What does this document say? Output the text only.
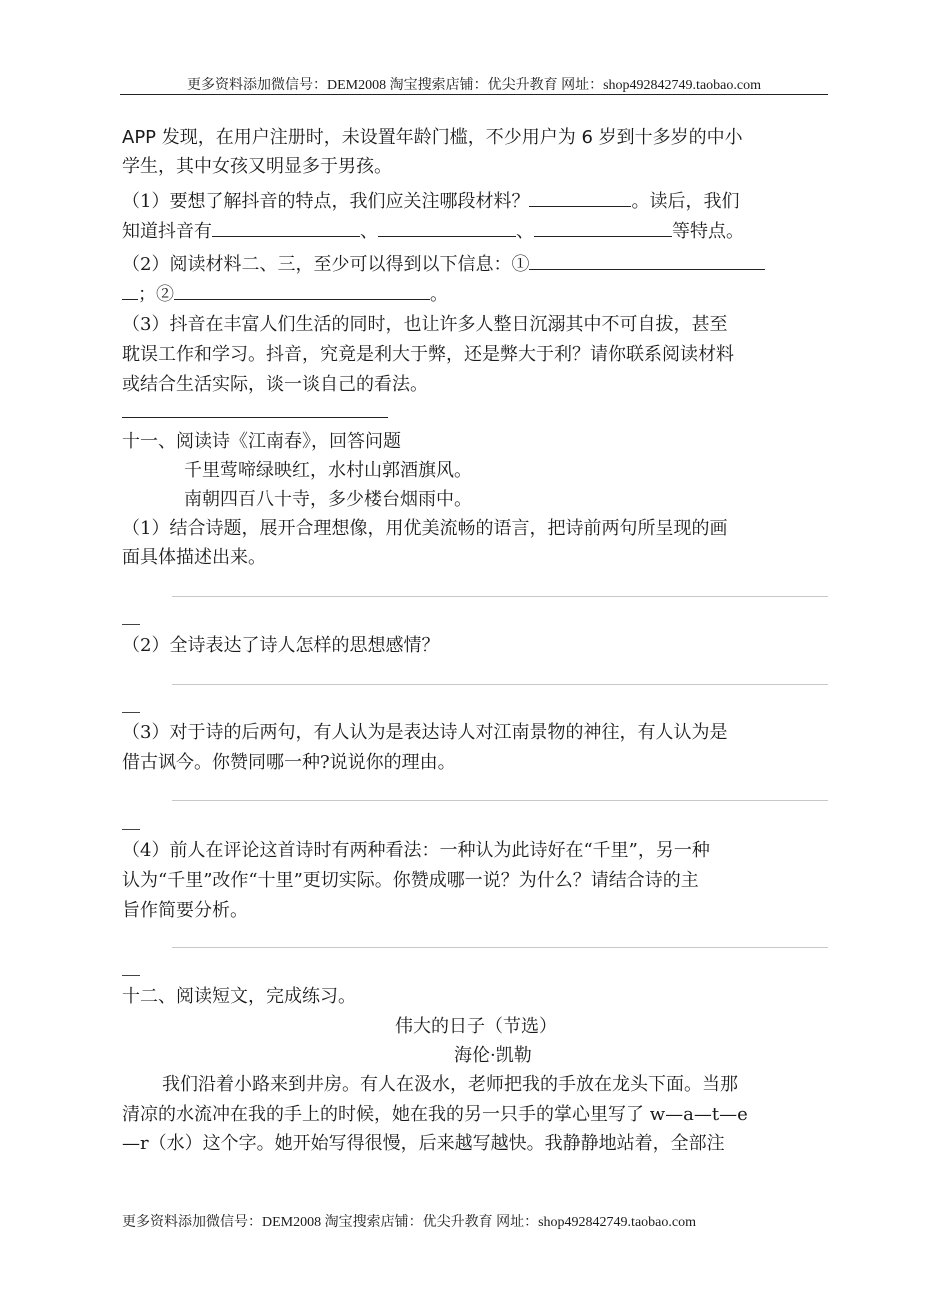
更多资料添加微信号：DEM2008 淘宝搜索店铺：优尖升教育 网址：shop492842749.taobao.com
APP 发现，在用户注册时，未设置年龄门槛，不少用户为 6 岁到十多岁的中小
学生，其中女孩又明显多于男孩。
（1）要想了解抖音的特点，我们应关注哪段材料？	。读后，我们
知道抖音有	、	、	等特点。
（2）阅读材料二、三，至少可以得到以下信息：①
；②	。
（3）抖音在丰富人们生活的同时，也让许多人整日沉溺其中不可自拔，甚至
耽误工作和学习。抖音，究竟是利大于弊，还是弊大于利？请你联系阅读材料
或结合生活实际，谈一谈自己的看法。
十一、阅读诗《江南春》，回答问题
千里莺啼绿映红，水村山郭酒旗风。
南朝四百八十寺，多少楼台烟雨中。
（1）结合诗题，展开合理想像，用优美流畅的语言，把诗前两句所呈现的画
面具体描述出来。
（2）全诗表达了诗人怎样的思想感情？
（3）对于诗的后两句，有人认为是表达诗人对江南景物的神往，有人认为是
借古讽今。你赞同哪一种?说说你的理由。
（4）前人在评论这首诗时有两种看法：一种认为此诗好在“千里”，另一种
认为“千里”改作“十里”更切实际。你赞成哪一说？为什么？请结合诗的主
旨作简要分析。
十二、阅读短文，完成练习。
伟大的日子（节选）
海伦·凯勒
我们沿着小路来到井房。有人在汲水，老师把我的手放在龙头下面。当那
清凉的水流冲在我的手上的时候，她在我的另一只手的掌心里写了 w—a—t—e
—r（水）这个字。她开始写得很慢，后来越写越快。我静静地站着，全部注
更多资料添加微信号：DEM2008 淘宝搜索店铺：优尖升教育 网址：shop492842749.taobao.com
